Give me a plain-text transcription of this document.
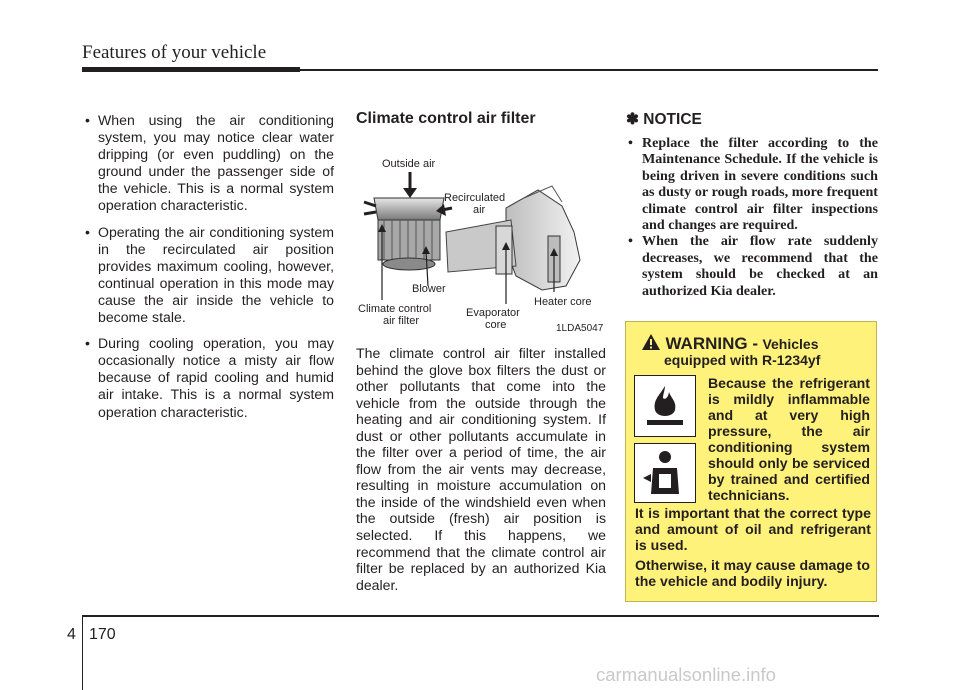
Features of your vehicle
• When using the air conditioning system, you may notice clear water dripping (or even puddling) on the ground under the passenger side of the vehicle. This is a normal system operation characteristic.
• Operating the air conditioning system in the recirculated air position provides maximum cooling, however, continual operation in this mode may cause the air inside the vehicle to become stale.
• During cooling operation, you may occasionally notice a misty air flow because of rapid cooling and humid air intake. This is a normal system operation characteristic.
Climate control air filter
Outside air
Recirculated
air
Blower
Heater core
Climate control
air filter
Evaporator
core	1LDA5047
The climate control air filter installed behind the glove box filters the dust or other pollutants that come into the vehicle from the outside through the heating and air conditioning system. If dust or other pollutants accumulate in the filter over a period of time, the air flow from the air vents may decrease, resulting in moisture accumulation on the inside of the windshield even when the outside (fresh) air position is selected. If this happens, we recommend that the climate control air filter be replaced by an authorized Kia dealer.
✽ NOTICE
• Replace the filter according to the Maintenance Schedule. If the vehicle is being driven in severe conditions such as dusty or rough roads, more frequent climate control air filter inspections and changes are required.
• When the air flow rate suddenly decreases, we recommend that the system should be checked at an authorized Kia dealer.
WARNING - Vehicles
equipped with R-1234yf
Because the refrigerant is mildly inflammable and at very high pressure, the air conditioning system should only be serviced by trained and certified technicians.
It is important that the correct type and amount of oil and refrigerant is used.
Otherwise, it may cause damage to the vehicle and bodily injury.
4 170
carmanualsonline.info
